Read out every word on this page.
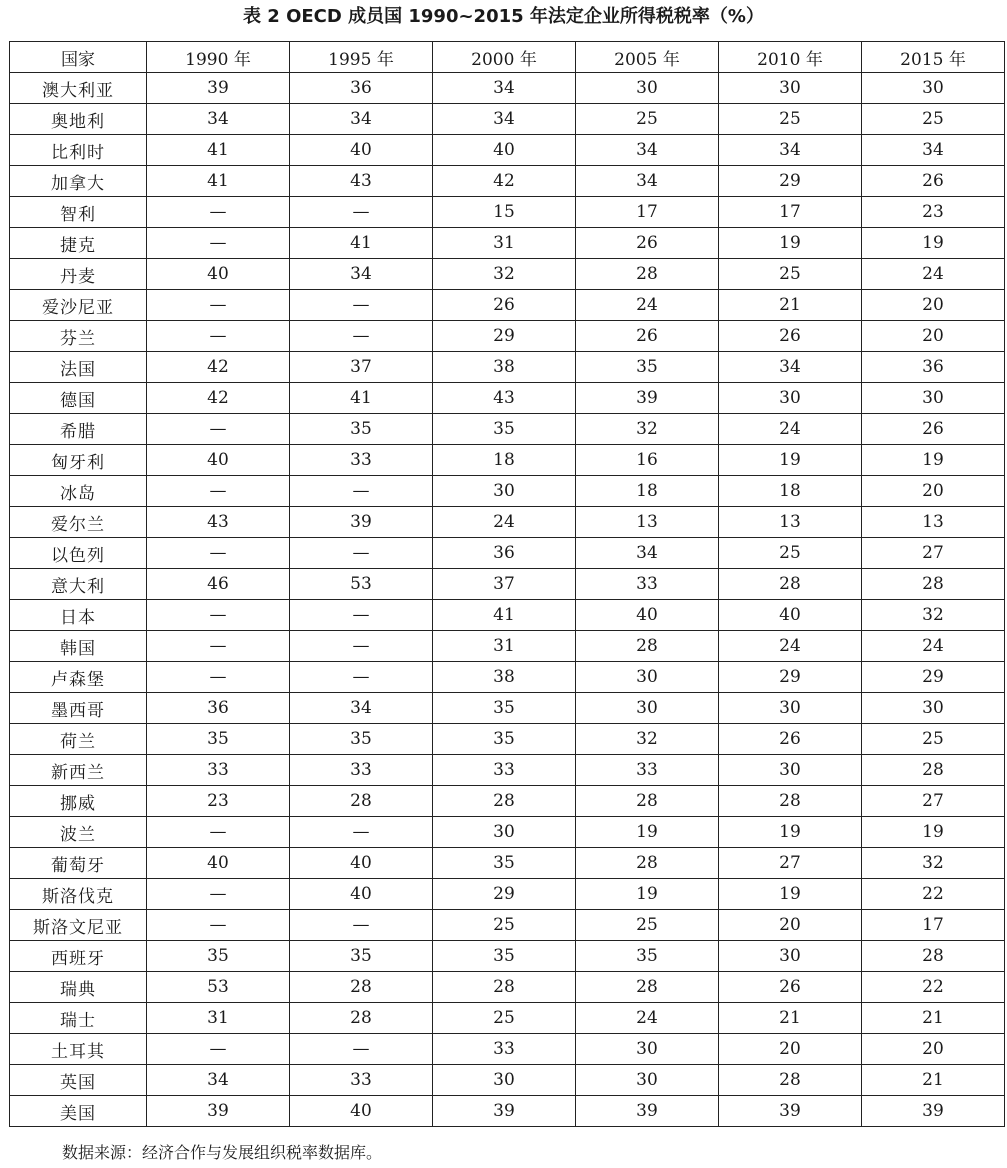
表 2 OECD 成员国 1990~2015 年法定企业所得税税率（%）
国家	1990 年	1995 年	2000 年	2005 年	2010 年	2015 年
澳大利亚	39	36	34	30	30	30
奥地利	34	34	34	25	25	25
比利时	41	40	40	34	34	34
加拿大	41	43	42	34	29	26
智利	—	—	15	17	17	23
捷克	—	41	31	26	19	19
丹麦	40	34	32	28	25	24
爱沙尼亚	—	—	26	24	21	20
芬兰	—	—	29	26	26	20
法国	42	37	38	35	34	36
德国	42	41	43	39	30	30
希腊	—	35	35	32	24	26
匈牙利	40	33	18	16	19	19
冰岛	—	—	30	18	18	20
爱尔兰	43	39	24	13	13	13
以色列	—	—	36	34	25	27
意大利	46	53	37	33	28	28
日本	—	—	41	40	40	32
韩国	—	—	31	28	24	24
卢森堡	—	—	38	30	29	29
墨西哥	36	34	35	30	30	30
荷兰	35	35	35	32	26	25
新西兰	33	33	33	33	30	28
挪威	23	28	28	28	28	27
波兰	—	—	30	19	19	19
葡萄牙	40	40	35	28	27	32
斯洛伐克	—	40	29	19	19	22
斯洛文尼亚	—	—	25	25	20	17
西班牙	35	35	35	35	30	28
瑞典	53	28	28	28	26	22
瑞士	31	28	25	24	21	21
土耳其	—	—	33	30	20	20
英国	34	33	30	30	28	21
美国	39	40	39	39	39	39
数据来源：经济合作与发展组织税率数据库。
